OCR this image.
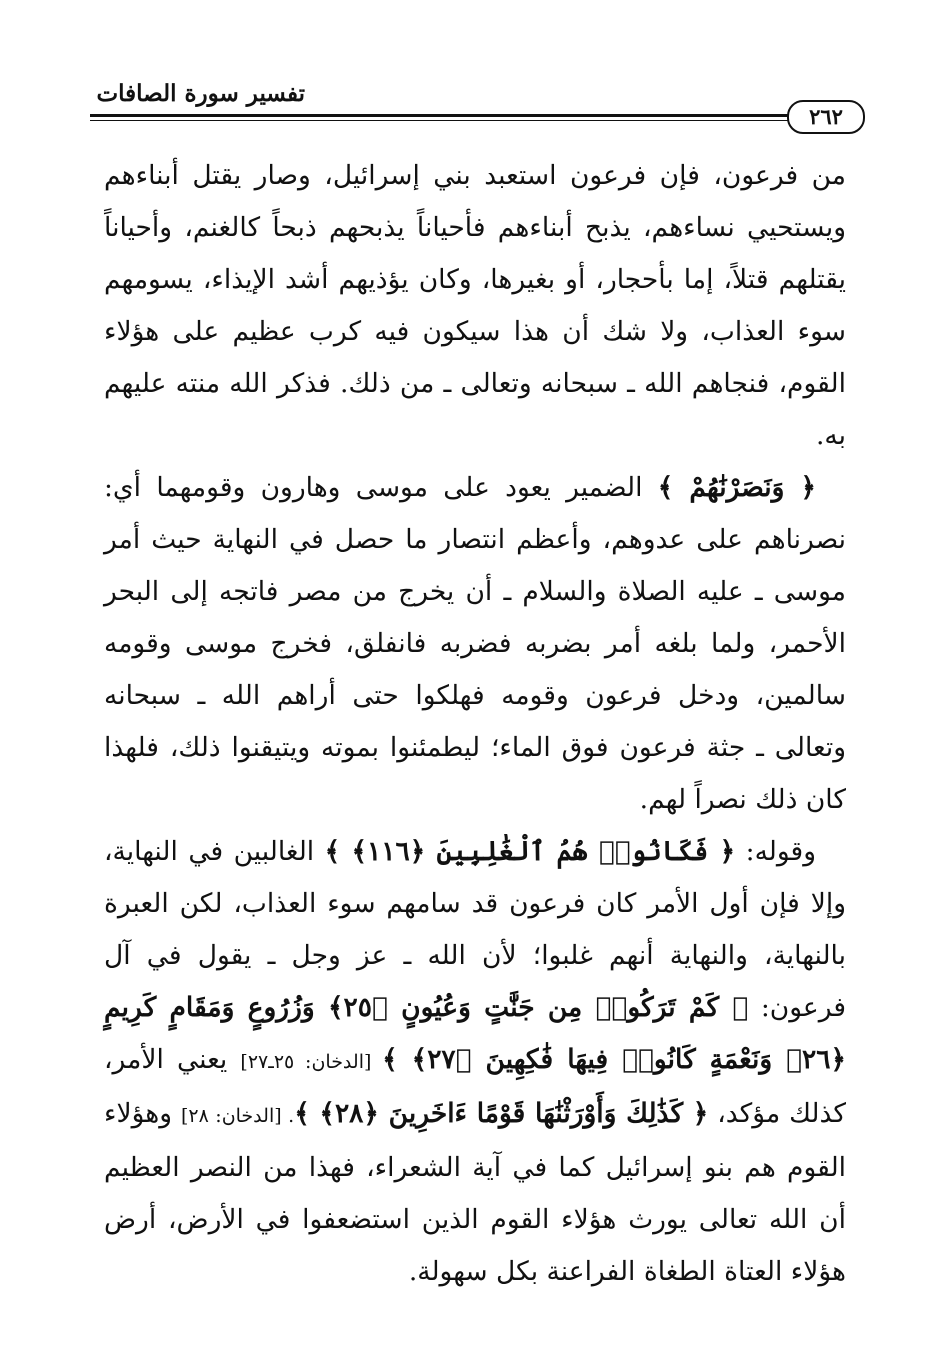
تفسير سورة الصافات
٢٦٢

من فرعون، فإن فرعون استعبد بني إسرائيل، وصار يقتل أبناءهم ويستحيي نساءهم، يذبح أبناءهم فأحياناً يذبحهم ذبحاً كالغنم، وأحياناً يقتلهم قتلاً، إما بأحجار، أو بغيرها، وكان يؤذيهم أشد الإيذاء، يسومهم سوء العذاب، ولا شك أن هذا سيكون فيه كرب عظيم على هؤلاء القوم، فنجاهم الله ـ سبحانه وتعالى ـ من ذلك. فذكر الله منته عليهم به.

﴿ وَنَصَرْنَٰهُمْ ﴾ الضمير يعود على موسى وهارون وقومهما أي: نصرناهم على عدوهم، وأعظم انتصار ما حصل في النهاية حيث أمر موسى ـ عليه الصلاة والسلام ـ أن يخرج من مصر فاتجه إلى البحر الأحمر، ولما بلغه أمر بضربه فضربه فانفلق، فخرج موسى وقومه سالمين، ودخل فرعون وقومه فهلكوا حتى أراهم الله ـ سبحانه وتعالى ـ جثة فرعون فوق الماء؛ ليطمئنوا بموته ويتيقنوا ذلك، فلهذا كان ذلك نصراً لهم.

وقوله: ﴿ فَكَانُوا۟ هُمُ ٱلْغَٰلِبِينَ ﴿١١٦﴾ ﴾ الغالبين في النهاية، وإلا فإن أول الأمر كان فرعون قد سامهم سوء العذاب، لكن العبرة بالنهاية، والنهاية أنهم غلبوا؛ لأن الله ـ عز وجل ـ يقول في آل فرعون: ﴿ كَمْ تَرَكُوا۟ مِن جَنَّٰتٍ وَعُيُونٍ ﴿٢٥﴾ وَزُرُوعٍ وَمَقَامٍ كَرِيمٍ ﴿٢٦﴾ وَنَعْمَةٍ كَانُوا۟ فِيهَا فَٰكِهِينَ ﴿٢٧﴾ ﴾ [الدخان: ٢٥ـ٢٧] يعني الأمر، كذلك مؤكد، ﴿ كَذَٰلِكَ وَأَوْرَثْنَٰهَا قَوْمًا ءَاخَرِينَ ﴿٢٨﴾ ﴾. [الدخان: ٢٨] وهؤلاء القوم هم بنو إسرائيل كما في آية الشعراء، فهذا من النصر العظيم أن الله تعالى يورث هؤلاء القوم الذين استضعفوا في الأرض، أرض هؤلاء العتاة الطغاة الفراعنة بكل سهولة.
